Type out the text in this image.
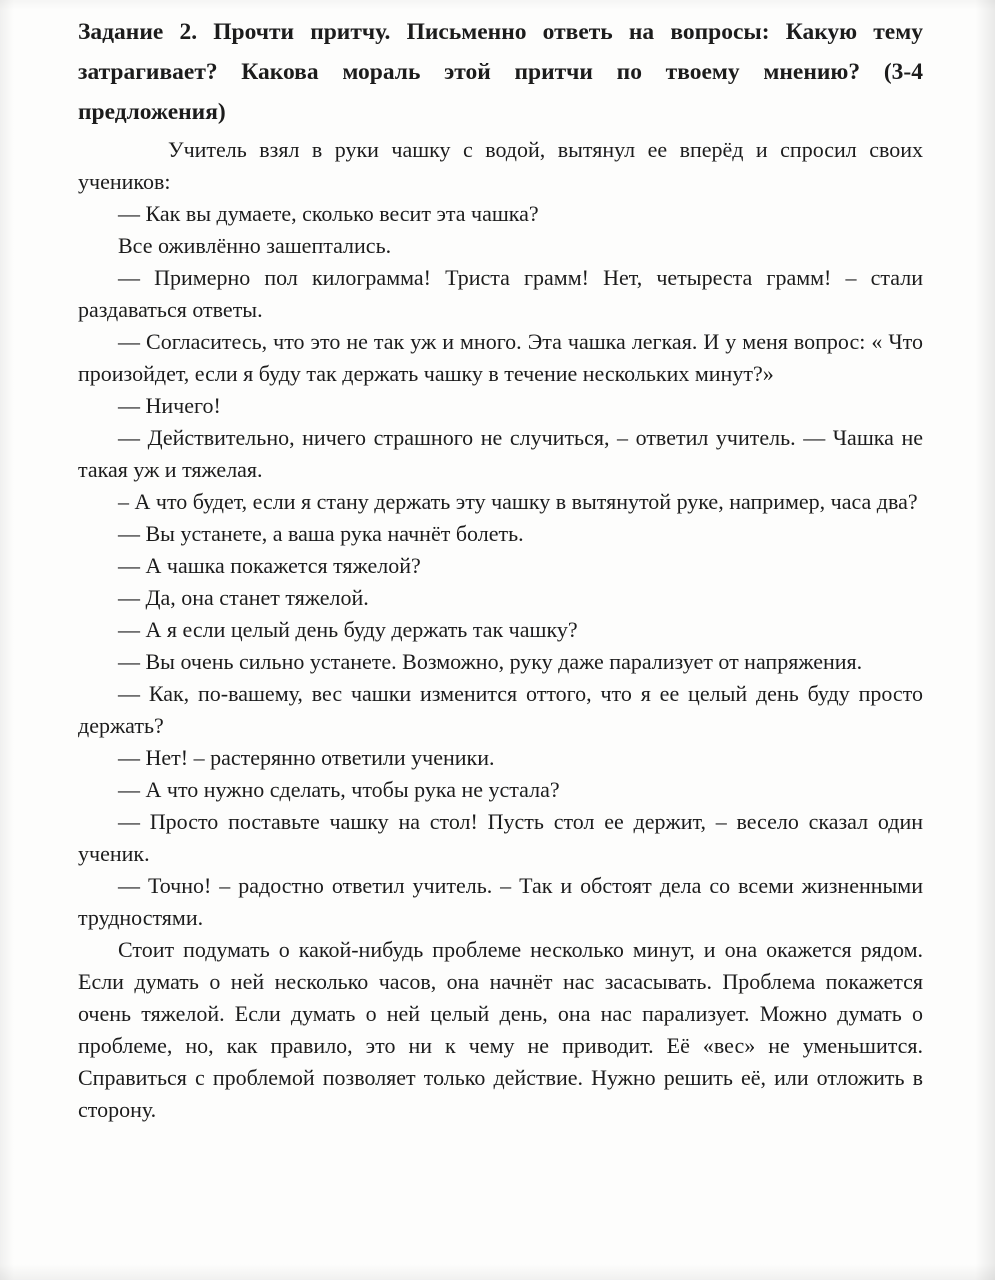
Задание 2. Прочти притчу. Письменно ответь на вопросы: Какую тему затрагивает? Какова мораль этой притчи по твоему мнению? (3-4 предложения)

Учитель взял в руки чашку с водой, вытянул ее вперёд и спросил своих учеников:

— Как вы думаете, сколько весит эта чашка?

Все оживлённо зашептались.

— Примерно пол килограмма! Триста грамм! Нет, четыреста грамм! – стали раздаваться ответы.

— Согласитесь, что это не так уж и много. Эта чашка легкая. И у меня вопрос: « Что произойдет, если я буду так держать чашку в течение нескольких минут?»

— Ничего!

— Действительно, ничего страшного не случиться, – ответил учитель. — Чашка не такая уж и тяжелая.

– А что будет, если я стану держать эту чашку в вытянутой руке, например, часа два?

— Вы устанете, а ваша рука начнёт болеть.

— А чашка покажется тяжелой?

— Да, она станет тяжелой.

— А я если целый день буду держать так чашку?

— Вы очень сильно устанете. Возможно, руку даже парализует от напряжения.

— Как, по-вашему, вес чашки изменится оттого, что я ее целый день буду просто держать?

— Нет! – растерянно ответили ученики.

— А что нужно сделать, чтобы рука не устала?

— Просто поставьте чашку на стол! Пусть стол ее держит, – весело сказал один ученик.

— Точно! – радостно ответил учитель. – Так и обстоят дела со всеми жизненными трудностями.

Стоит подумать о какой-нибудь проблеме несколько минут, и она окажется рядом. Если думать о ней несколько часов, она начнёт нас засасывать. Проблема покажется очень тяжелой. Если думать о ней целый день, она нас парализует. Можно думать о проблеме, но, как правило, это ни к чему не приводит. Её «вес» не уменьшится. Справиться с проблемой позволяет только действие. Нужно решить её, или отложить в сторону.
